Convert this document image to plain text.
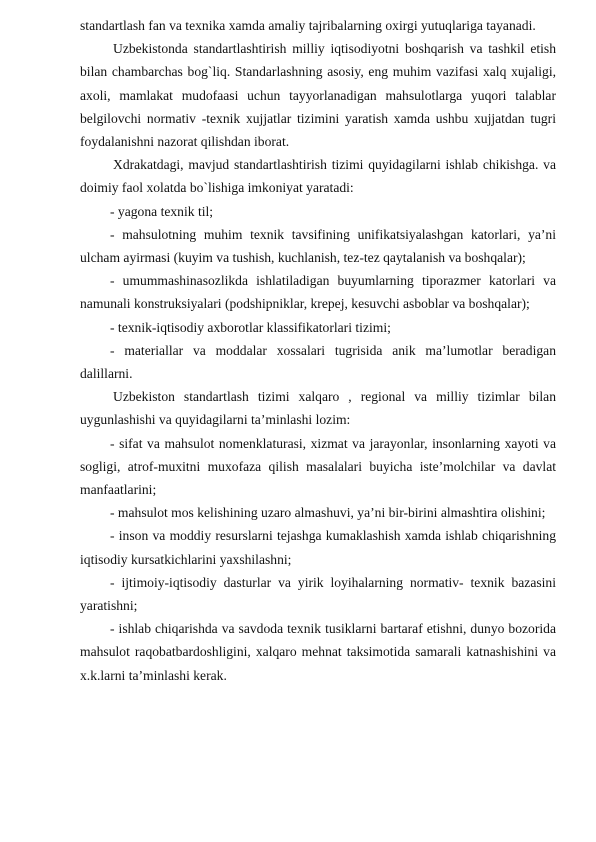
standartlash fan va texnika xamda amaliy tajribalarning oxirgi yutuqlariga tayanadi.

Uzbekistonda standartlashtirish milliy iqtisodiyotni boshqarish va tashkil etish bilan chambarchas bog`liq. Standarlashning asosiy, eng muhim vazifasi xalq xujaligi, axoli, mamlakat mudofaasi uchun tayyorlanadigan mahsulotlarga yuqori talablar belgilovchi normativ -texnik xujjatlar tizimini yaratish xamda ushbu xujjatdan tugri foydalanishni nazorat qilishdan iborat.

Xdrakatdagi, mavjud standartlashtirish tizimi quyidagilarni ishlab chikishga. va doimiy faol xolatda bo`lishiga imkoniyat yaratadi:

- yagona texnik til;

- mahsulotning muhim texnik tavsifining unifikatsiyalashgan katorlari, ya’ni ulcham ayirmasi (kuyim va tushish, kuchlanish, tez-tez qaytalanish va boshqalar);

- umummashinasozlikda ishlatiladigan buyumlarning tiporazmer katorlari va namunali konstruksiyalari (podshipniklar, krepej, kesuvchi asboblar va boshqalar);

- texnik-iqtisodiy axborotlar klassifikatorlari tizimi;

- materiallar va moddalar xossalari tugrisida anik ma’lumotlar beradigan dalillarni.

Uzbekiston standartlash tizimi xalqaro , regional va milliy tizimlar bilan uygunlashishi va quyidagilarni ta’minlashi lozim:

- sifat va mahsulot nomenklaturasi, xizmat va jarayonlar, insonlarning xayoti va sogligi, atrof-muxitni muxofaza qilish masalalari buyicha iste’molchilar va davlat manfaatlarini;

- mahsulot mos kelishining uzaro almashuvi, ya’ni bir-birini almashtira olishini;

- inson va moddiy resurslarni tejashga kumaklashish xamda ishlab chiqarishning iqtisodiy kursatkichlarini yaxshilashni;

- ijtimoiy-iqtisodiy dasturlar va yirik loyihalarning normativ- texnik bazasini yaratishni;

- ishlab chiqarishda va savdoda texnik tusiklarni bartaraf etishni, dunyo bozorida mahsulot raqobatbardoshligini, xalqaro mehnat taksimotida samarali katnashishini va x.k.larni ta’minlashi kerak.
